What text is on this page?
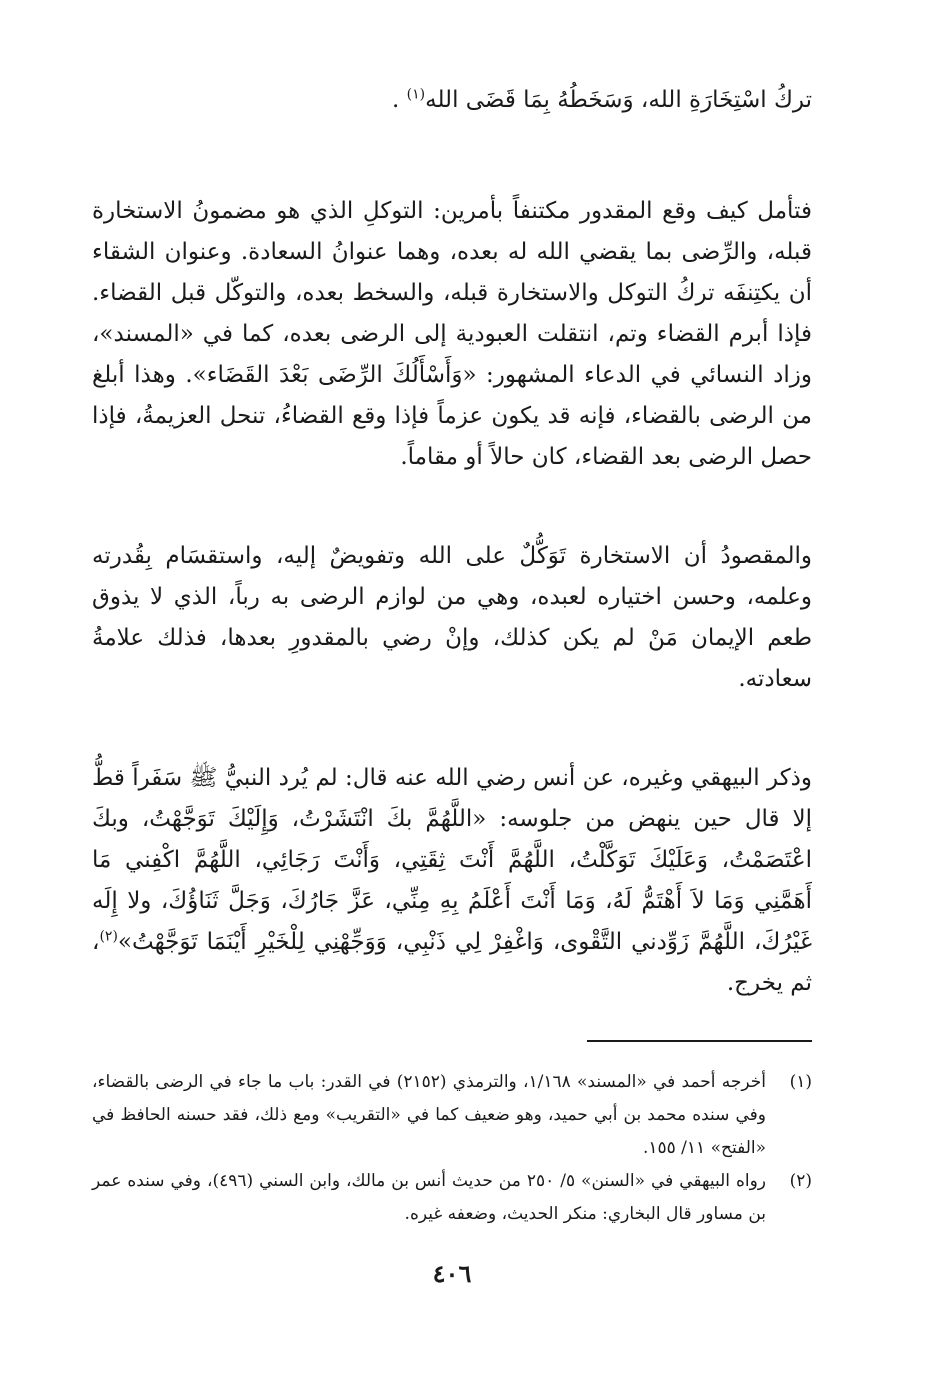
تركُ اسْتِخَارَةِ الله، وَسَخَطُهُ بِمَا قَضَى الله$^{(١)}$ .

فتأمل كيف وقع المقدور مكتنفاً بأمرين: التوكلِ الذي هو مضمونُ الاستخارة قبله، والرِّضى بما يقضي الله له بعده، وهما عنوانُ السعادة. وعنوان الشقاء أن يكتِنفَه تركُ التوكل والاستخارة قبله، والسخط بعده، والتوكّل قبل القضاء. فإذا أبرم القضاء وتم، انتقلت العبودية إلى الرضى بعده، كما في «المسند»، وزاد النسائي في الدعاء المشهور: «وَأَسْأَلُكَ الرِّضَى بَعْدَ القَضَاء». وهذا أبلغ من الرضى بالقضاء، فإنه قد يكون عزماً فإذا وقع القضاءُ، تنحل العزيمةُ، فإذا حصل الرضى بعد القضاء، كان حالاً أو مقاماً.

والمقصودُ أن الاستخارة تَوَكُّلٌ على الله وتفويضٌ إليه، واستقسَام بِقُدرته وعلمه، وحسن اختياره لعبده، وهي من لوازم الرضى به رباً، الذي لا يذوق طعم الإيمان مَنْ لم يكن كذلك، وإنْ رضي بالمقدورِ بعدها، فذلك علامةُ سعادته.

وذكر البيهقي وغيره، عن أنس رضي الله عنه قال: لم يُرد النبيُّ ﷺ سَفَراً قطُّ إلا قال حين ينهض من جلوسه: «اللَّهُمَّ بكَ انْتَشَرْتُ، وَإِلَيْكَ تَوَجَّهْتُ، وبكَ اعْتَصَمْتُ، وَعَلَيْكَ تَوَكَّلْتُ، اللَّهُمَّ أَنْتَ ثِقَتِي، وَأَنْتَ رَجَائِي، اللَّهُمَّ اكْفِني مَا أَهَمَّنِي وَمَا لاَ أَهْتَمُّ لَهُ، وَمَا أَنْتَ أَعْلَمُ بِهِ مِنِّي، عَزَّ جَارُكَ، وَجَلَّ ثَنَاؤُكَ، ولا إِلَه غَيْرُكَ، اللَّهُمَّ زَوِّدني التَّقْوى، وَاغْفِرْ لِي ذَنْبِي، وَوَجِّهْنِي لِلْخَيْرِ أَيْنَمَا تَوَجَّهْتُ»$^{(٢)}$، ثم يخرج.

(١)
أخرجه أحمد في «المسند» ١/١٦٨، والترمذي (٢١٥٢) في القدر: باب ما جاء في الرضى بالقضاء، وفي سنده محمد بن أبي حميد، وهو ضعيف كما في «التقريب» ومع ذلك، فقد حسنه الحافظ في «الفتح» ١١/ ١٥٥.
(٢)
رواه البيهقي في «السنن» ٥/ ٢٥٠ من حديث أنس بن مالك، وابن السني (٤٩٦)، وفي سنده عمر بن مساور قال البخاري: منكر الحديث، وضعفه غيره.
٤٠٦
